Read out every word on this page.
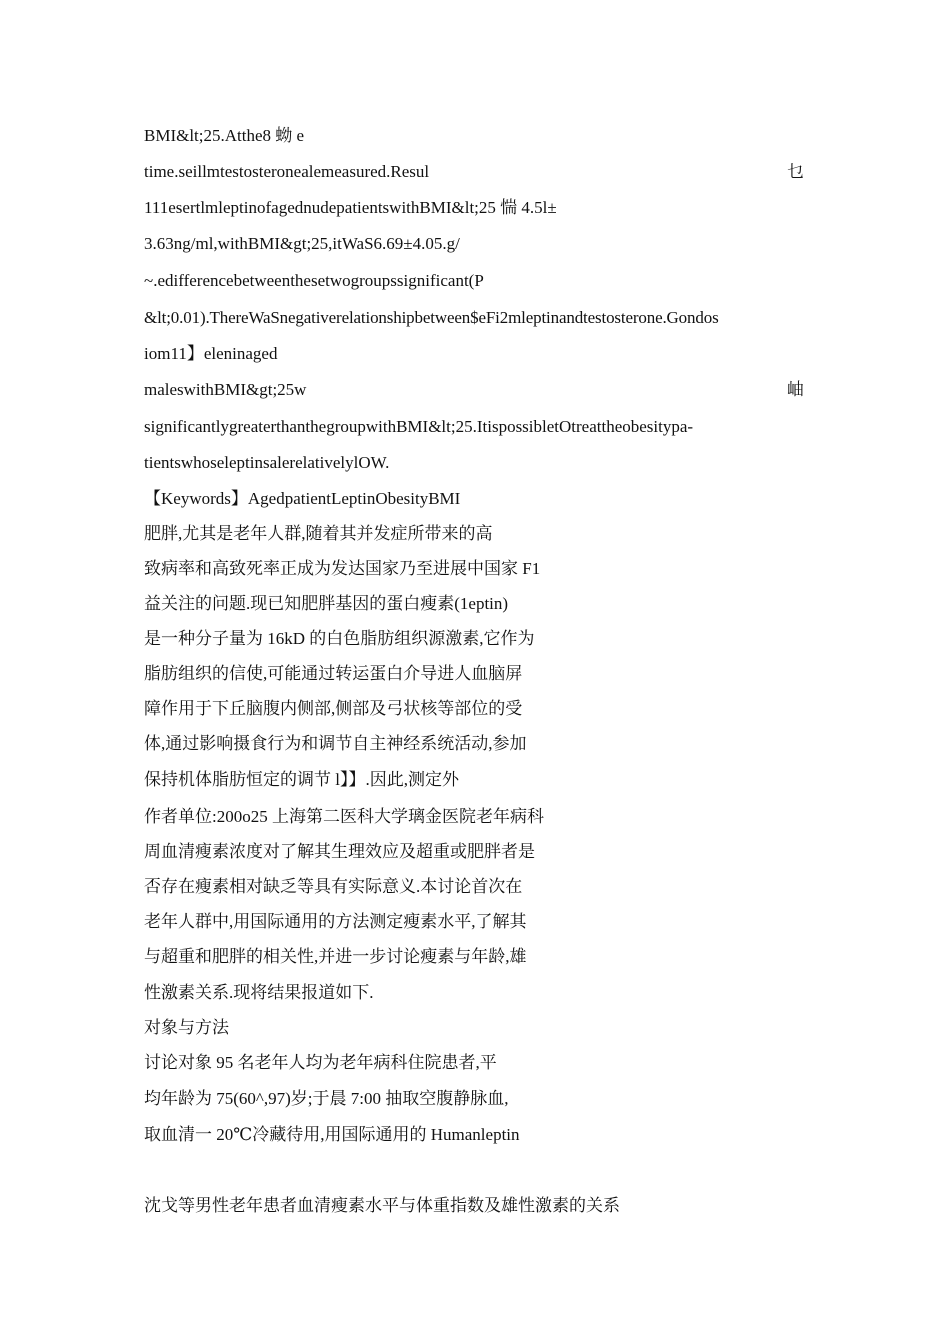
BMI&lt;25.Atthe8 蚴 e
time.seillmtestosteronealemeasured.Resul	乜
111esertlmleptinofagednudepatientswithBMI&lt;25 惴 4.5l±
3.63ng/ml,withBMI&gt;25,itWaS6.69±4.05.g/
~.edifferencebetweenthesetwogroupssignificant(P
&lt;0.01).ThereWaSnegativerelationshipbetween$eFi2mleptinandtestosterone.Gondos
iom11】eleninaged
maleswithBMI&gt;25w	岫
significantlygreaterthanthegroupwithBMI&lt;25.ItispossibletOtreattheobesitypa-
tientswhoseleptinsalerelativelylOW.
【Keywords】AgedpatientLeptinObesityBMI
肥胖,尤其是老年人群,随着其并发症所带来的高
致病率和高致死率正成为发达国家乃至进展中国家 F1
益关注的问题.现已知肥胖基因的蛋白瘦素(1eptin)
是一种分子量为 16kD 的白色脂肪组织源激素,它作为
脂肪组织的信使,可能通过转运蛋白介导进人血脑屏
障作用于下丘脑腹内侧部,侧部及弓状核等部位的受
体,通过影响摄食行为和调节自主神经系统活动,参加
保持机体脂肪恒定的调节 l】】.因此,测定外
作者单位:200o25 上海第二医科大学璃金医院老年病科
周血清瘦素浓度对了解其生理效应及超重或肥胖者是
否存在瘦素相对缺乏等具有实际意义.本讨论首次在
老年人群中,用国际通用的方法测定瘦素水平,了解其
与超重和肥胖的相关性,并进一步讨论瘦素与年龄,雄
性激素关系.现将结果报道如下.
对象与方法
讨论对象 95 名老年人均为老年病科住院患者,平
均年龄为 75(60^,97)岁;于晨 7:00 抽取空腹静脉血,
取血清一 20℃冷藏待用,用国际通用的 Humanleptin
沈戈等男性老年患者血清瘦素水平与体重指数及雄性激素的关系
